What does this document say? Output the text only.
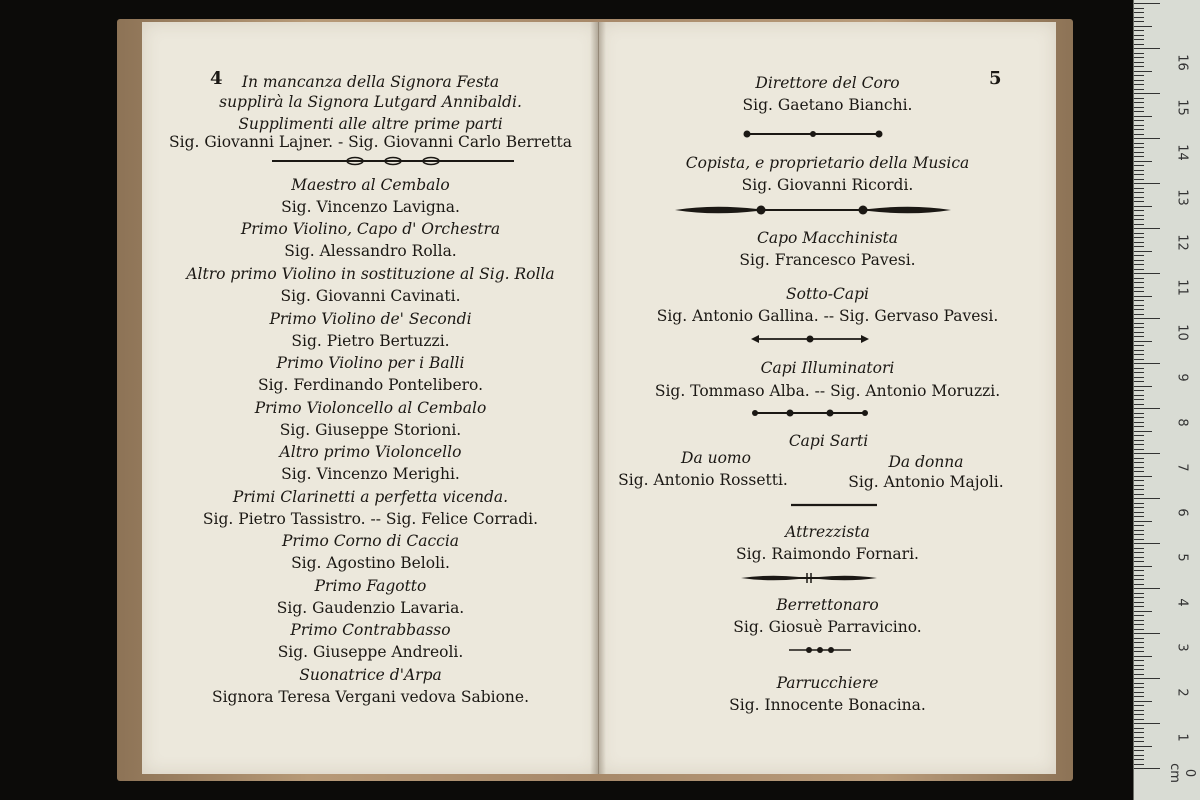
4	In mancanza della Signora Festa
supplirà la Signora Lutgard Annibaldi.
Supplimenti alle altre prime parti
Sig. Giovanni Lajner. - Sig. Giovanni Carlo Berretta
Maestro al Cembalo
Sig. Vincenzo Lavigna.
Primo Violino, Capo d' Orchestra
Sig. Alessandro Rolla.
Altro primo Violino in sostituzione al Sig. Rolla
Sig. Giovanni Cavinati.
Primo Violino de' Secondi
Sig. Pietro Bertuzzi.
Primo Violino per i Balli
Sig. Ferdinando Pontelibero.
Primo Violoncello al Cembalo
Sig. Giuseppe Storioni.
Altro primo Violoncello
Sig. Vincenzo Merighi.
Primi Clarinetti a perfetta vicenda.
Sig. Pietro Tassistro. -- Sig. Felice Corradi.
Primo Corno di Caccia
Sig. Agostino Beloli.
Primo Fagotto
Sig. Gaudenzio Lavaria.
Primo Contrabbasso
Sig. Giuseppe Andreoli.
Suonatrice d'Arpa
Signora Teresa Vergani vedova Sabione.
5
Direttore del Coro
Sig. Gaetano Bianchi.
Copista, e proprietario della Musica
Sig. Giovanni Ricordi.
Capo Macchinista
Sig. Francesco Pavesi.
Sotto-Capi
Sig. Antonio Gallina. -- Sig. Gervaso Pavesi.
Capi Illuminatori
Sig. Tommaso Alba. -- Sig. Antonio Moruzzi.
Capi Sarti
Da uomo
Sig. Antonio Rossetti.
Da donna
Sig. Antonio Majoli.
Attrezzista
Sig. Raimondo Fornari.
Berrettonaro
Sig. Giosuè Parravicino.
Parrucchiere
Sig. Innocente Bonacina.
0 cm
1
2
3
4
5
6
7
8
9
10
11
12
13
14
15
16
